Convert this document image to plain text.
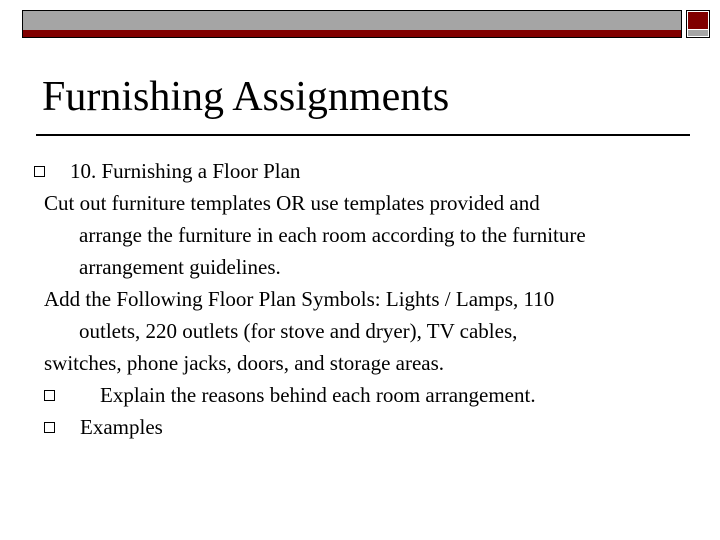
Furnishing Assignments
10. Furnishing a Floor Plan
Cut out furniture templates OR use templates provided and
arrange the furniture in each room according to the furniture
arrangement guidelines.
Add the Following Floor Plan Symbols: Lights / Lamps, 110
outlets, 220 outlets (for stove and dryer), TV cables,
switches, phone jacks, doors, and storage areas.
Explain the reasons behind each room arrangement.
Examples
